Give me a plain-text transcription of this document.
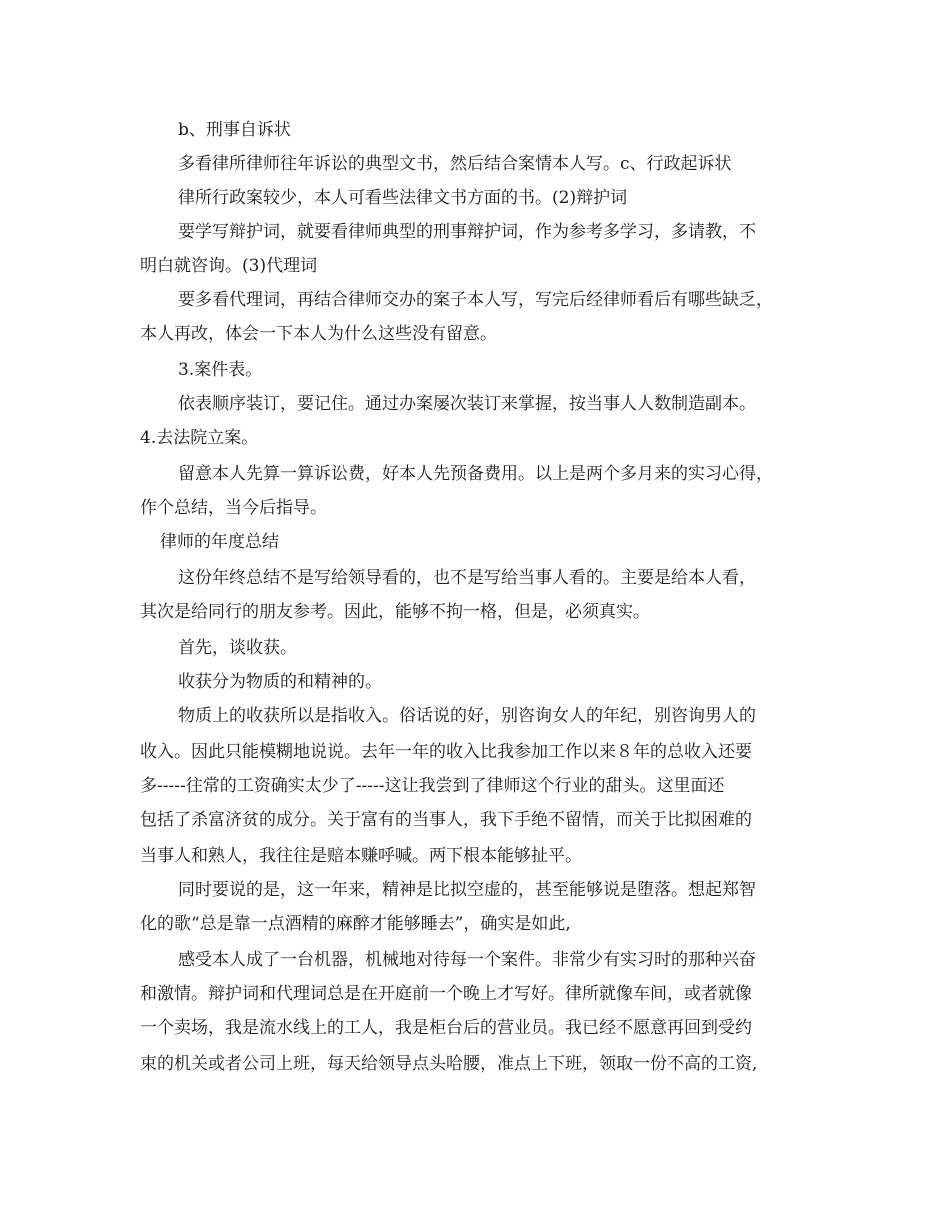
b、刑事自诉状
多看律所律师往年诉讼的典型文书，然后结合案情本人写。c、行政起诉状
律所行政案较少，本人可看些法律文书方面的书。(2)辩护词
要学写辩护词，就要看律师典型的刑事辩护词，作为参考多学习，多请教，不
明白就咨询。(3)代理词
要多看代理词，再结合律师交办的案子本人写，写完后经律师看后有哪些缺乏，
本人再改，体会一下本人为什么这些没有留意。
3.案件表。
依表顺序装订，要记住。通过办案屡次装订来掌握，按当事人人数制造副本。
4.去法院立案。
留意本人先算一算诉讼费，好本人先预备费用。以上是两个多月来的实习心得，
作个总结，当今后指导。
律师的年度总结
这份年终总结不是写给领导看的，也不是写给当事人看的。主要是给本人看，
其次是给同行的朋友参考。因此，能够不拘一格，但是，必须真实。
首先，谈收获。
收获分为物质的和精神的。
物质上的收获所以是指收入。俗话说的好，别咨询女人的年纪，别咨询男人的
收入。因此只能模糊地说说。去年一年的收入比我参加工作以来８年的总收入还要
多-----往常的工资确实太少了-----这让我尝到了律师这个行业的甜头。这里面还
包括了杀富济贫的成分。关于富有的当事人，我下手绝不留情，而关于比拟困难的
当事人和熟人，我往往是赔本赚呼喊。两下根本能够扯平。
同时要说的是，这一年来，精神是比拟空虚的，甚至能够说是堕落。想起郑智
化的歌“总是靠一点酒精的麻醉才能够睡去”，确实是如此,
感受本人成了一台机器，机械地对待每一个案件。非常少有实习时的那种兴奋
和激情。辩护词和代理词总是在开庭前一个晚上才写好。律所就像车间，或者就像
一个卖场，我是流水线上的工人，我是柜台后的营业员。我已经不愿意再回到受约
束的机关或者公司上班，每天给领导点头哈腰，准点上下班，领取一份不高的工资,
